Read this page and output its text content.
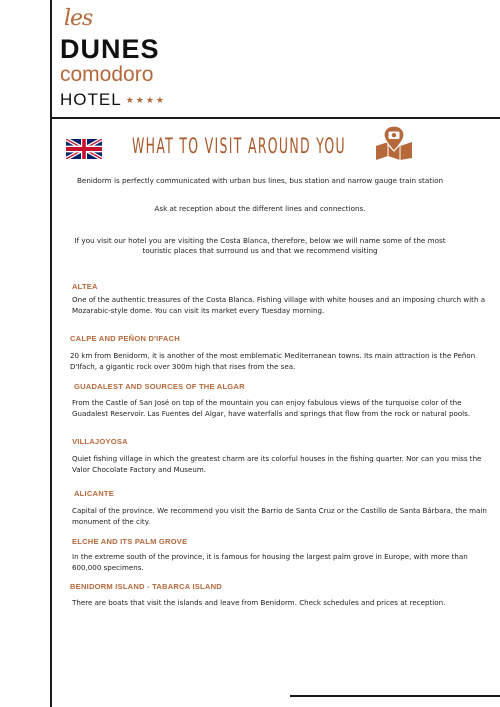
les
DUNES
comodoro
HOTEL ★★★★
WHAT TO VISIT AROUND YOU
Benidorm is perfectly communicated with urban bus lines, bus station and narrow gauge train station
Ask at reception about the different lines and connections.
If you visit our hotel you are visiting the Costa Blanca, therefore, below we will name some of the most
touristic places that surround us and that we recommend visiting
ALTEA
One of the authentic treasures of the Costa Blanca. Fishing village with white houses and an imposing church with a Mozarabic-style dome. You can visit its market every Tuesday morning.
CALPE AND PEÑON D'IFACH
20 km from Benidorm, it is another of the most emblematic Mediterranean towns. Its main attraction is the Peñon D'Ifach, a gigantic rock over 300m high that rises from the sea.
GUADALEST AND SOURCES OF THE ALGAR
From the Castle of San José on top of the mountain you can enjoy fabulous views of the turquoise color of the Guadalest Reservoir. Las Fuentes del Algar, have waterfalls and springs that flow from the rock or natural pools.
VILLAJOYOSA
Quiet fishing village in which the greatest charm are its colorful houses in the fishing quarter. Nor can you miss the Valor Chocolate Factory and Museum.
ALICANTE
Capital of the province. We recommend you visit the Barrio de Santa Cruz or the Castillo de Santa Bárbara, the main monument of the city.
ELCHE AND ITS PALM GROVE
In the extreme south of the province, it is famous for housing the largest palm grove in Europe, with more than 600,000 specimens.
BENIDORM ISLAND - TABARCA ISLAND
There are boats that visit the islands and leave from Benidorm. Check schedules and prices at reception.
